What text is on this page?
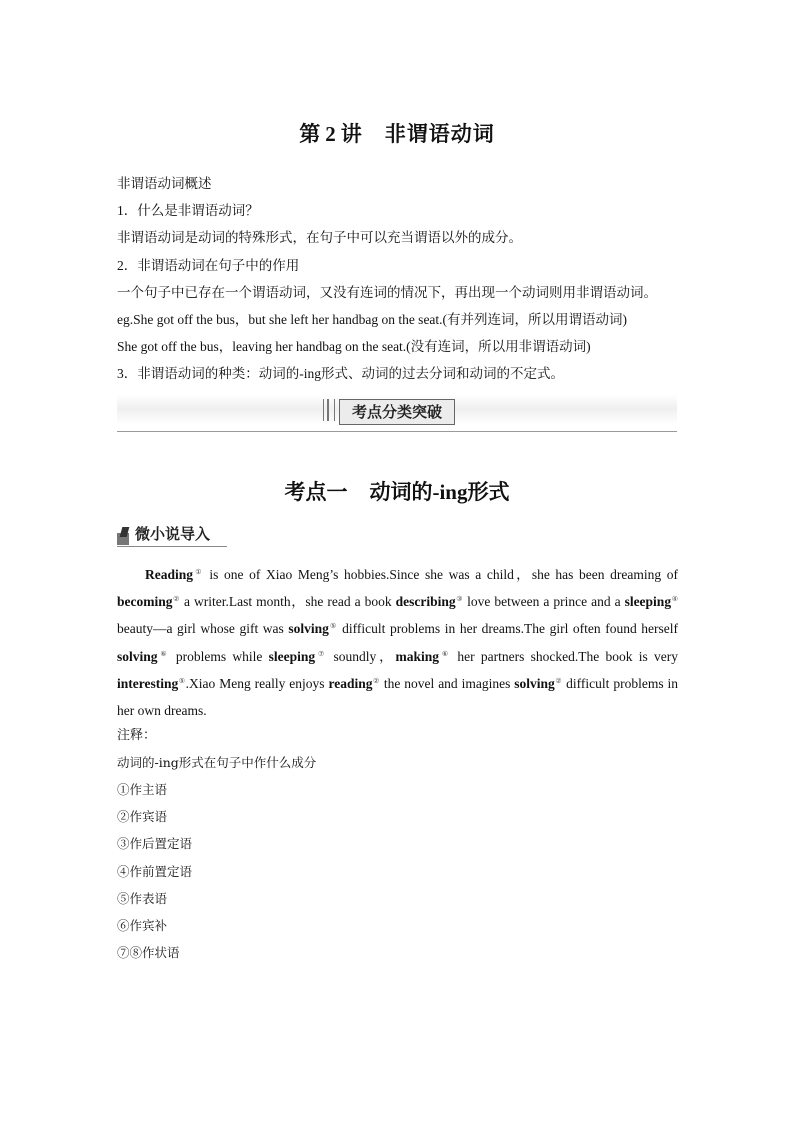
第 2 讲 非谓语动词

非谓语动词概述

1．什么是非谓语动词？

非谓语动词是动词的特殊形式，在句子中可以充当谓语以外的成分。

2．非谓语动词在句子中的作用

一个句子中已存在一个谓语动词，又没有连词的情况下，再出现一个动词则用非谓语动词。

eg.She got off the bus，but she left her handbag on the seat.(有并列连词，所以用谓语动词)

She got off the bus，leaving her handbag on the seat.(没有连词，所以用非谓语动词)

3．非谓语动词的种类：动词的-ing形式、动词的过去分词和动词的不定式。

考点分类突破
考点一 动词的-ing形式
微小说导入

Reading① is one of Xiao Meng’s hobbies.Since she was a child，she has been dreaming of becoming② a writer.Last month，she read a book describing③ love between a prince and a sleeping④ beauty—a girl whose gift was solving⑤ difficult problems in her dreams.The girl often found herself solving⑥ problems while sleeping⑦ soundly，making⑥ her partners shocked.The book is very interesting⑤.Xiao Meng really enjoys reading② the novel and imagines solving② difficult problems in her own dreams.

注释：

动词的-ing形式在句子中作什么成分

①作主语
②作宾语
③作后置定语
④作前置定语
⑤作表语
⑥作宾补
⑦⑧作状语
